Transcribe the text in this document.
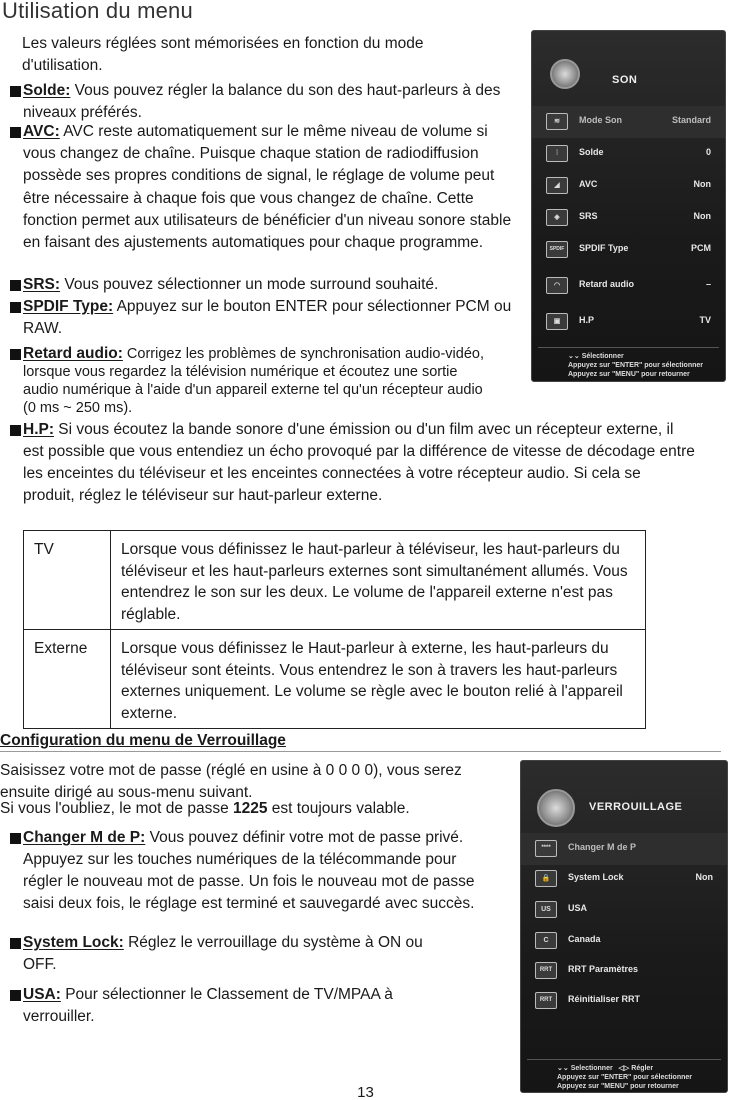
Utilisation du menu
Les valeurs réglées sont mémorisées en fonction du mode d'utilisation.
Solde: Vous pouvez régler la balance du son des haut-parleurs à des niveaux préférés.
AVC: AVC reste automatiquement sur le même niveau de volume si vous changez de chaîne. Puisque chaque station de radiodiffusion possède ses propres conditions de signal, le réglage de volume peut être nécessaire à chaque fois que vous changez de chaîne. Cette fonction permet aux utilisateurs de bénéficier d'un niveau sonore stable en faisant des ajustements automatiques pour chaque programme.
SRS: Vous pouvez sélectionner un mode surround souhaité.
SPDIF Type: Appuyez sur le bouton ENTER pour sélectionner PCM ou RAW.
Retard audio: Corrigez les problèmes de synchronisation audio-vidéo, lorsque vous regardez la télévision numérique et écoutez une sortie audio numérique à l'aide d'un appareil externe tel qu'un récepteur audio (0 ms ~ 250 ms).
H.P: Si vous écoutez la bande sonore d'une émission ou d'un film avec un récepteur externe, il est possible que vous entendiez un écho provoqué par la différence de vitesse de décodage entre les enceintes du téléviseur et les enceintes connectées à votre récepteur audio. Si cela se produit, réglez le téléviseur sur haut-parleur externe.
TV	Lorsque vous définissez le haut-parleur à téléviseur, les haut-parleurs du téléviseur et les haut-parleurs externes sont simultanément allumés. Vous entendrez le son sur les deux. Le volume de l'appareil externe n'est pas réglable.
Externe	Lorsque vous définissez le Haut-parleur à externe, les haut-parleurs du téléviseur sont éteints. Vous entendrez le son à travers les haut-parleurs externes uniquement. Le volume se règle avec le bouton relié à l'appareil externe.
Configuration du menu de Verrouillage
Saisissez votre mot de passe (réglé en usine à 0 0 0 0), vous serez ensuite dirigé au sous-menu suivant.
Si vous l'oubliez, le mot de passe 1225 est toujours valable.
Changer M de P: Vous pouvez définir votre mot de passe privé. Appuyez sur les touches numériques de la télécommande pour régler le nouveau mot de passe. Un fois le nouveau mot de passe saisi deux fois, le réglage est terminé et sauvegardé avec succès.
System Lock: Réglez le verrouillage du système à ON ou OFF.
USA: Pour sélectionner le Classement de TV/MPAA à verrouiller.
SON
≋	Mode Son	Standard
⫶	Solde	0
◢	AVC	Non
◈	SRS	Non
SPDIF	SPDIF Type	PCM
◠	Retard audio	–
▣	H.P	TV
⌄⌄ Sélectionner
Appuyez sur "ENTER" pour sélectionner
Appuyez sur "MENU" pour retourner
VERROUILLAGE
****	Changer M de P
🔒	System Lock	Non
US	USA
C	Canada
RRT	RRT Paramètres
RRT	Réinitialiser RRT
⌄⌄ Selectionner ◁▷ Régler
Appuyez sur "ENTER" pour sélectionner
Appuyez sur "MENU" pour retourner
13
